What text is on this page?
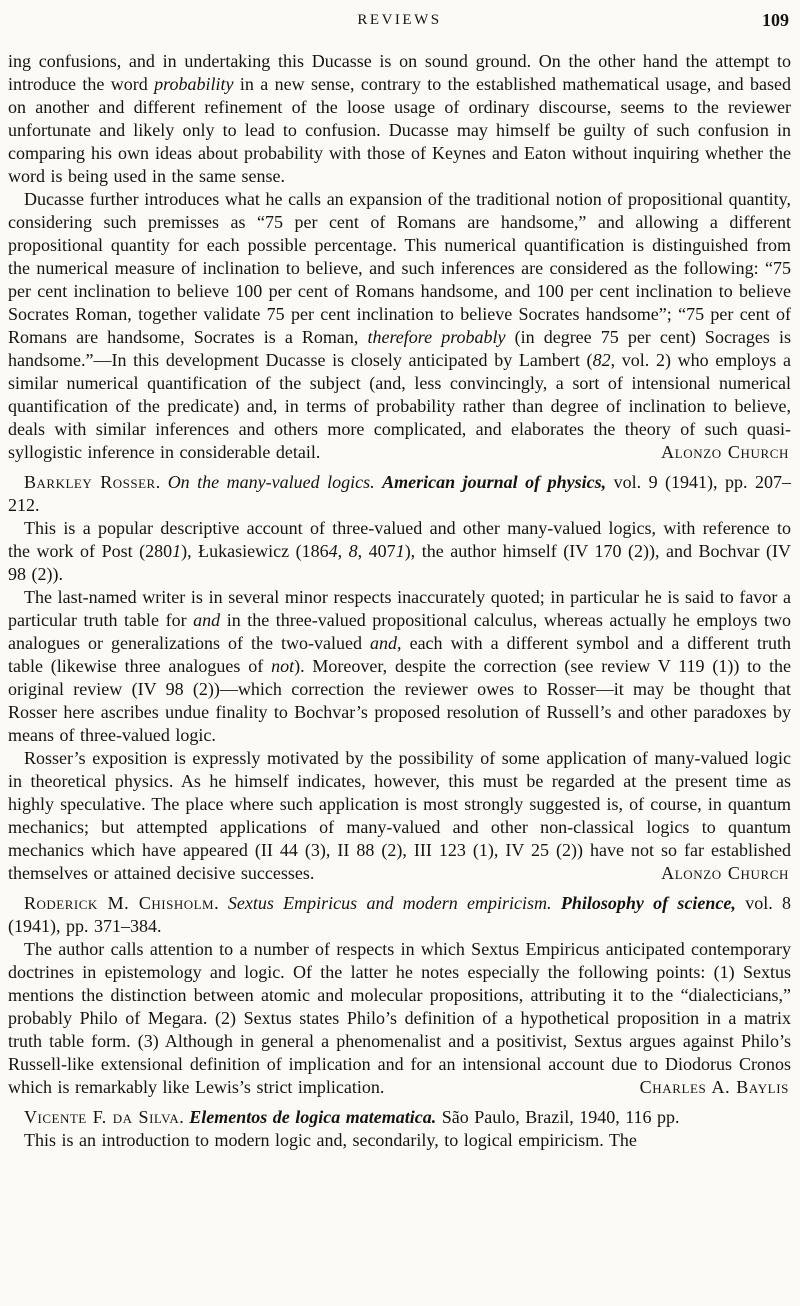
REVIEWS	109

ing confusions, and in undertaking this Ducasse is on sound ground. On the other hand the attempt to introduce the word probability in a new sense, contrary to the established mathematical usage, and based on another and different refinement of the loose usage of ordinary discourse, seems to the reviewer unfortunate and likely only to lead to confusion. Ducasse may himself be guilty of such confusion in comparing his own ideas about probability with those of Keynes and Eaton without inquiring whether the word is being used in the same sense.

Ducasse further introduces what he calls an expansion of the traditional notion of propositional quantity, considering such premisses as “75 per cent of Romans are handsome,” and allowing a different propositional quantity for each possible percentage. This numerical quantification is distinguished from the numerical measure of inclination to believe, and such inferences are considered as the following: “75 per cent inclination to believe 100 per cent of Romans handsome, and 100 per cent inclination to believe Socrates Roman, together validate 75 per cent inclination to believe Socrates handsome”; “75 per cent of Romans are handsome, Socrates is a Roman, therefore probably (in degree 75 per cent) Socrages is handsome.”—In this development Ducasse is closely anticipated by Lambert (82, vol. 2) who employs a similar numerical quantification of the subject (and, less convincingly, a sort of intensional numerical quantification of the predicate) and, in terms of probability rather than degree of inclination to believe, deals with similar inferences and others more complicated, and elaborates the theory of such quasi-syllogistic inference in considerable detail.	Alonzo Church

Barkley Rosser. On the many-valued logics. American journal of physics, vol. 9 (1941), pp. 207–212.

This is a popular descriptive account of three-valued and other many-valued logics, with reference to the work of Post (2801), Łukasiewicz (1864, 8, 4071), the author himself (IV 170 (2)), and Bochvar (IV 98 (2)).

The last-named writer is in several minor respects inaccurately quoted; in particular he is said to favor a particular truth table for and in the three-valued propositional calculus, whereas actually he employs two analogues or generalizations of the two-valued and, each with a different symbol and a different truth table (likewise three analogues of not). Moreover, despite the correction (see review V 119 (1)) to the original review (IV 98 (2))—which correction the reviewer owes to Rosser—it may be thought that Rosser here ascribes undue finality to Bochvar’s proposed resolution of Russell’s and other paradoxes by means of three-valued logic.

Rosser’s exposition is expressly motivated by the possibility of some application of many-valued logic in theoretical physics. As he himself indicates, however, this must be regarded at the present time as highly speculative. The place where such application is most strongly suggested is, of course, in quantum mechanics; but attempted applications of many-valued and other non-classical logics to quantum mechanics which have appeared (II 44 (3), II 88 (2), III 123 (1), IV 25 (2)) have not so far established themselves or attained decisive successes.	Alonzo Church

Roderick M. Chisholm. Sextus Empiricus and modern empiricism. Philosophy of science, vol. 8 (1941), pp. 371–384.

The author calls attention to a number of respects in which Sextus Empiricus anticipated contemporary doctrines in epistemology and logic. Of the latter he notes especially the following points: (1) Sextus mentions the distinction between atomic and molecular propositions, attributing it to the “dialecticians,” probably Philo of Megara. (2) Sextus states Philo’s definition of a hypothetical proposition in a matrix truth table form. (3) Although in general a phenomenalist and a positivist, Sextus argues against Philo’s Russell-like extensional definition of implication and for an intensional account due to Diodorus Cronos which is remarkably like Lewis’s strict implication.	Charles A. Baylis

Vicente F. da Silva. Elementos de logica matematica. São Paulo, Brazil, 1940, 116 pp.

This is an introduction to modern logic and, secondarily, to logical empiricism. The
